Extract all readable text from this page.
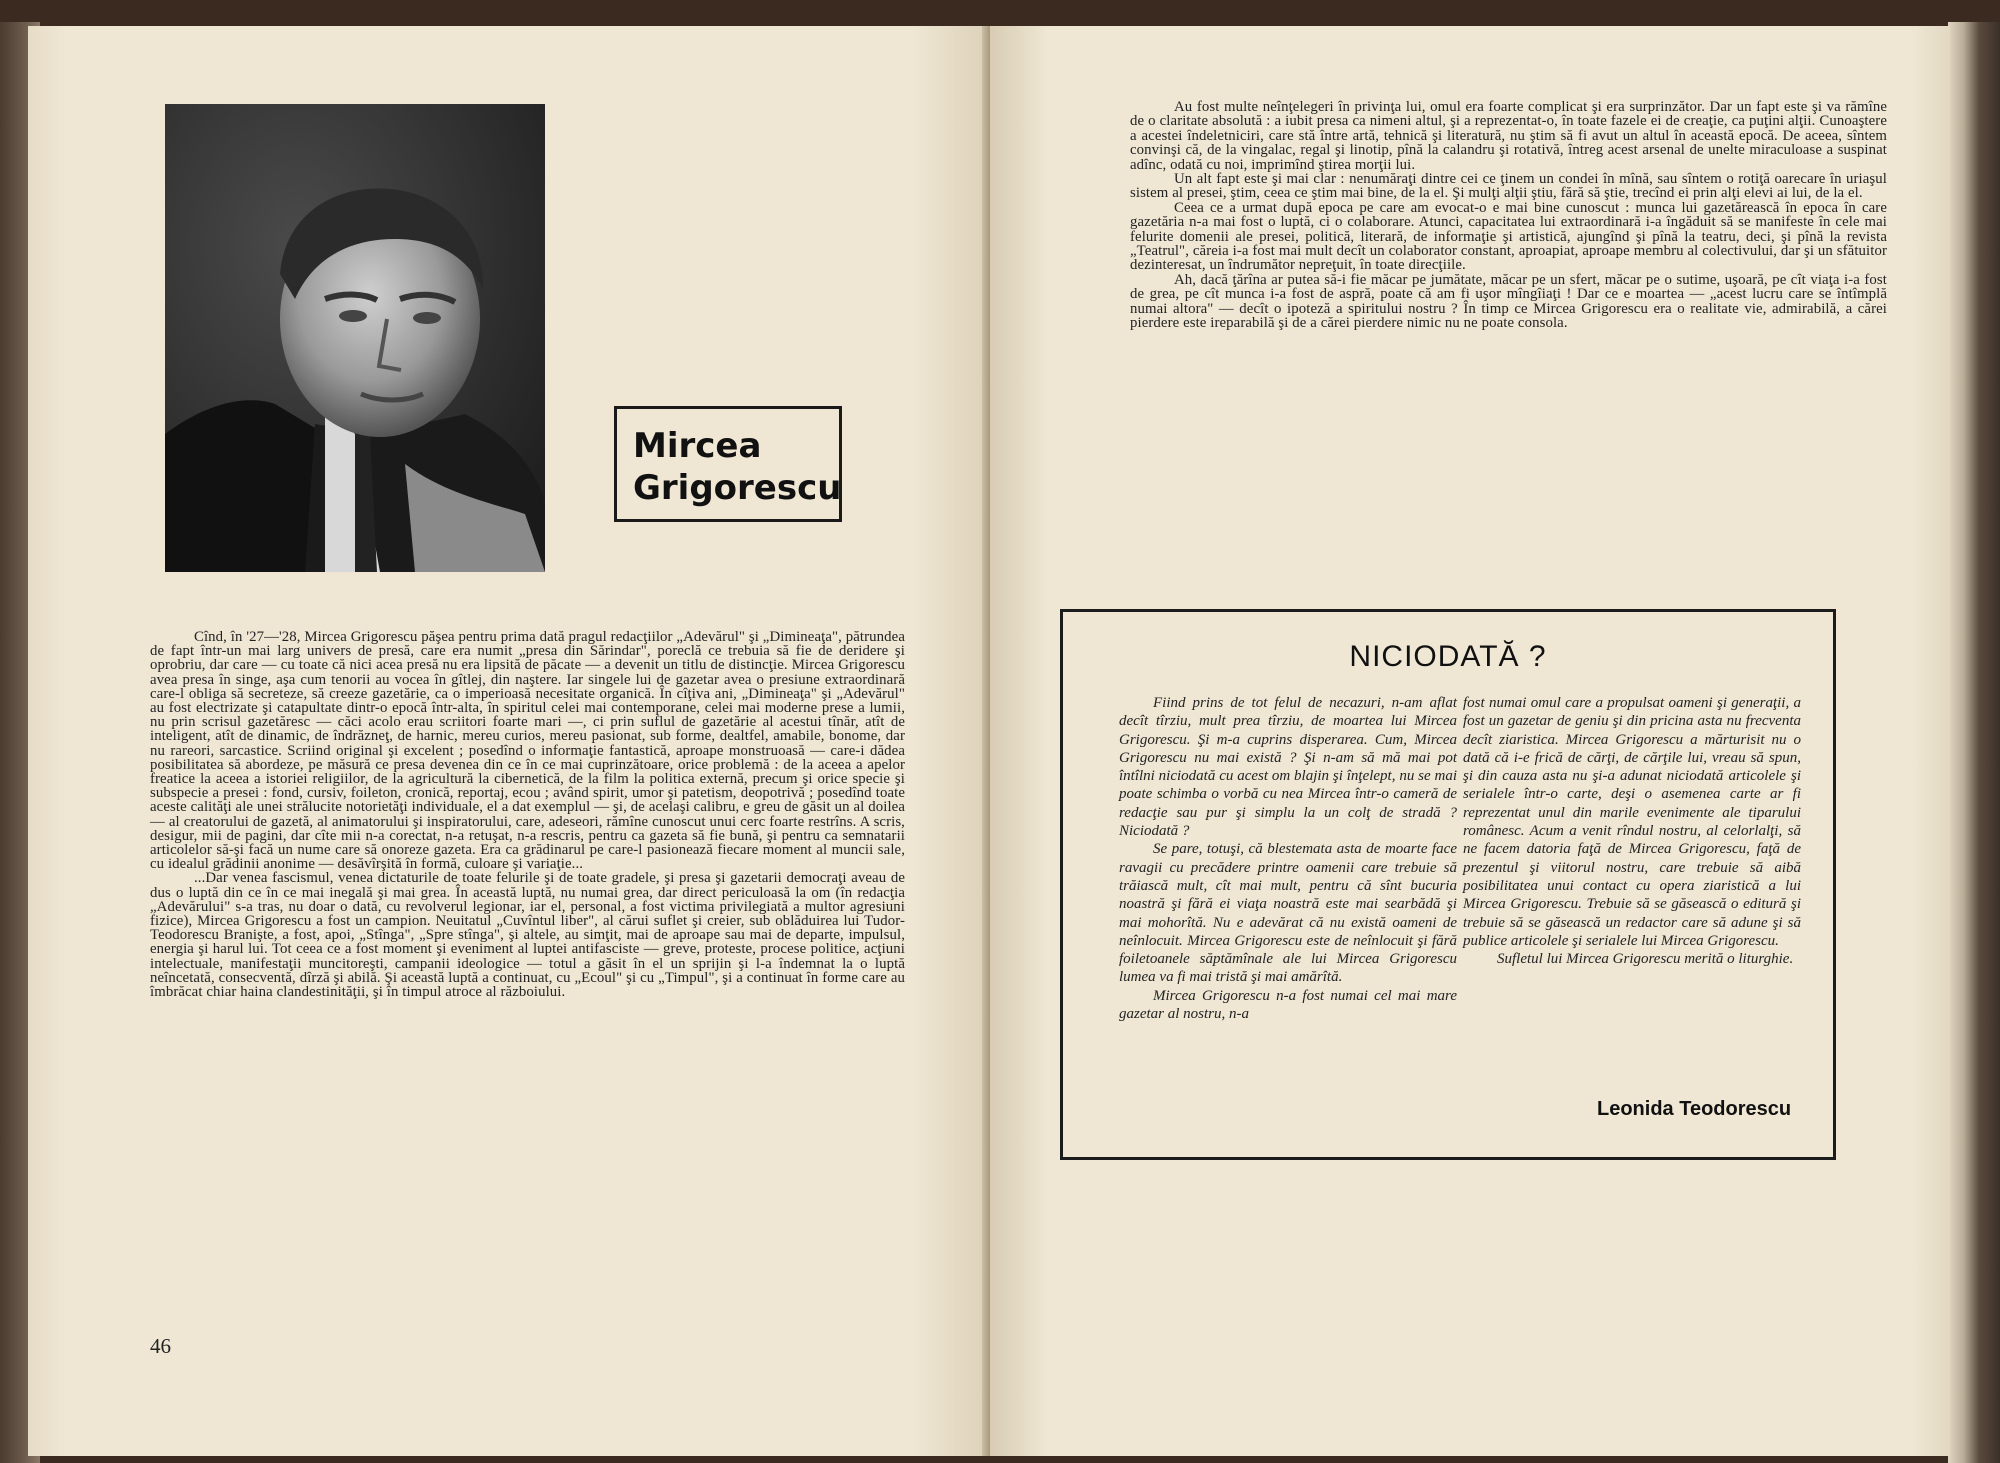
Mircea
Grigorescu

Cînd, în '27—'28, Mircea Grigorescu păşea pentru prima dată pragul redacţiilor „Adevărul" şi „Dimineaţa", pătrundea de fapt într-un mai larg univers de presă, care era numit „presa din Sărindar", poreclă ce trebuia să fie de deridere şi oprobriu, dar care — cu toate că nici acea presă nu era lipsită de păcate — a devenit un titlu de distincţie. Mircea Grigorescu avea presa în singe, aşa cum tenorii au vocea în gîtlej, din naştere. Iar singele lui de gazetar avea o presiune extraordinară care-l obliga să secreteze, să creeze gazetărie, ca o imperioasă necesitate organică. În cîţiva ani, „Dimineaţa" şi „Adevărul" au fost electrizate şi catapultate dintr-o epocă într-alta, în spiritul celei mai contemporane, celei mai moderne prese a lumii, nu prin scrisul gazetăresc — căci acolo erau scriitori foarte mari —, ci prin suflul de gazetărie al acestui tînăr, atît de inteligent, atît de dinamic, de îndrăzneţ, de harnic, mereu curios, mereu pasionat, sub forme, dealtfel, amabile, bonome, dar nu rareori, sarcastice. Scriind original şi excelent ; posedînd o informaţie fantastică, aproape monstruoasă — care-i dădea posibilitatea să abordeze, pe măsură ce presa devenea din ce în ce mai cuprinzătoare, orice problemă : de la aceea a apelor freatice la aceea a istoriei religiilor, de la agricultură la cibernetică, de la film la politica externă, precum şi orice specie şi subspecie a presei : fond, cursiv, foileton, cronică, reportaj, ecou ; având spirit, umor şi patetism, deopotrivă ; posedînd toate aceste calităţi ale unei strălucite notorietăţi individuale, el a dat exemplul — şi, de acelaşi calibru, e greu de găsit un al doilea — al creatorului de gazetă, al animatorului şi inspiratorului, care, adeseori, rămîne cunoscut unui cerc foarte restrîns. A scris, desigur, mii de pagini, dar cîte mii n-a corectat, n-a retuşat, n-a rescris, pentru ca gazeta să fie bună, şi pentru ca semnatarii articolelor să-şi facă un nume care să onoreze gazeta. Era ca grădinarul pe care-l pasionează fiecare moment al muncii sale, cu idealul grădinii anonime — desăvîrşită în formă, culoare şi variaţie...

...Dar venea fascismul, venea dictaturile de toate felurile şi de toate gradele, şi presa şi gazetarii democraţi aveau de dus o luptă din ce în ce mai inegală şi mai grea. În această luptă, nu numai grea, dar direct periculoasă la om (în redacţia „Adevărului" s-a tras, nu doar o dată, cu revolverul legionar, iar el, personal, a fost victima privilegiată a multor agresiuni fizice), Mircea Grigorescu a fost un campion. Neuitatul „Cuvîntul liber", al cărui suflet şi creier, sub oblăduirea lui Tudor-Teodorescu Branişte, a fost, apoi, „Stînga", „Spre stînga", şi altele, au simţit, mai de aproape sau mai de departe, impulsul, energia şi harul lui. Tot ceea ce a fost moment şi eveniment al luptei antifasciste — greve, proteste, procese politice, acţiuni intelectuale, manifestaţii muncitoreşti, campanii ideologice — totul a găsit în el un sprijin şi l-a îndemnat la o luptă neîncetată, consecventă, dîrză şi abilă. Şi această luptă a continuat, cu „Ecoul" şi cu „Timpul", şi a continuat în forme care au îmbrăcat chiar haina clandestinităţii, şi în timpul atroce al războiului.

46

Au fost multe neînţelegeri în privinţa lui, omul era foarte complicat şi era surprinzător. Dar un fapt este şi va rămîne de o claritate absolută : a iubit presa ca nimeni altul, şi a reprezentat-o, în toate fazele ei de creaţie, ca puţini alţii. Cunoaştere a acestei îndeletniciri, care stă între artă, tehnică şi literatură, nu ştim să fi avut un altul în această epocă. De aceea, sîntem convinşi că, de la vingalac, regal şi linotip, pînă la calandru şi rotativă, întreg acest arsenal de unelte miraculoase a suspinat adînc, odată cu noi, imprimînd ştirea morţii lui.

Un alt fapt este şi mai clar : nenumăraţi dintre cei ce ţinem un condei în mînă, sau sîntem o rotiţă oarecare în uriaşul sistem al presei, ştim, ceea ce ştim mai bine, de la el. Şi mulţi alţii ştiu, fără să ştie, trecînd ei prin alţi elevi ai lui, de la el.

Ceea ce a urmat după epoca pe care am evocat-o e mai bine cunoscut : munca lui gazetărească în epoca în care gazetăria n-a mai fost o luptă, ci o colaborare. Atunci, capacitatea lui extraordinară i-a îngăduit să se manifeste în cele mai felurite domenii ale presei, politică, literară, de informaţie şi artistică, ajungînd şi pînă la teatru, deci, şi pînă la revista „Teatrul", căreia i-a fost mai mult decît un colaborator constant, aproapiat, aproape membru al colectivului, dar şi un sfătuitor dezinteresat, un îndrumător nepreţuit, în toate direcţiile.

Ah, dacă ţărîna ar putea să-i fie măcar pe jumătate, măcar pe un sfert, măcar pe o sutime, uşoară, pe cît viaţa i-a fost de grea, pe cît munca i-a fost de aspră, poate că am fi uşor mîngîiaţi ! Dar ce e moartea — „acest lucru care se întîmplă numai altora" — decît o ipoteză a spiritului nostru ? În timp ce Mircea Grigorescu era o realitate vie, admirabilă, a cărei pierdere este ireparabilă şi de a cărei pierdere nimic nu ne poate consola.

NICIODATĂ ?

Fiind prins de tot felul de necazuri, n-am aflat decît tîrziu, mult prea tîrziu, de moartea lui Mircea Grigorescu. Şi m-a cuprins disperarea. Cum, Mircea Grigorescu nu mai există ? Şi n-am să mă mai pot întîlni niciodată cu acest om blajin şi înţelept, nu se mai poate schimba o vorbă cu nea Mircea într-o cameră de redacţie sau pur şi simplu la un colţ de stradă ? Niciodată ?

Se pare, totuşi, că blestemata asta de moarte face ravagii cu precădere printre oamenii care trebuie să trăiască mult, cît mai mult, pentru că sînt bucuria noastră şi fără ei viaţa noastră este mai searbădă şi mai mohorîtă. Nu e adevărat că nu există oameni de neînlocuit. Mircea Grigorescu este de neînlocuit şi fără foiletoanele săptămînale ale lui Mircea Grigorescu lumea va fi mai tristă şi mai amărîtă.

Mircea Grigorescu n-a fost numai cel mai mare gazetar al nostru, n-a

fost numai omul care a propulsat oameni şi generaţii, a fost un gazetar de geniu şi din pricina asta nu frecventa decît ziaristica. Mircea Grigorescu a mărturisit nu o dată că i-e frică de cărţi, de cărţile lui, vreau să spun, şi din cauza asta nu şi-a adunat niciodată articolele şi serialele într-o carte, deşi o asemenea carte ar fi reprezentat unul din marile evenimente ale tiparului românesc. Acum a venit rîndul nostru, al celorlalţi, să ne facem datoria faţă de Mircea Grigorescu, faţă de prezentul şi viitorul nostru, care trebuie să aibă posibilitatea unui contact cu opera ziaristică a lui Mircea Grigorescu. Trebuie să se găsească o editură şi trebuie să se găsească un redactor care să adune şi să publice articolele şi serialele lui Mircea Grigorescu.

Sufletul lui Mircea Grigorescu merită o liturghie.

Leonida Teodorescu
